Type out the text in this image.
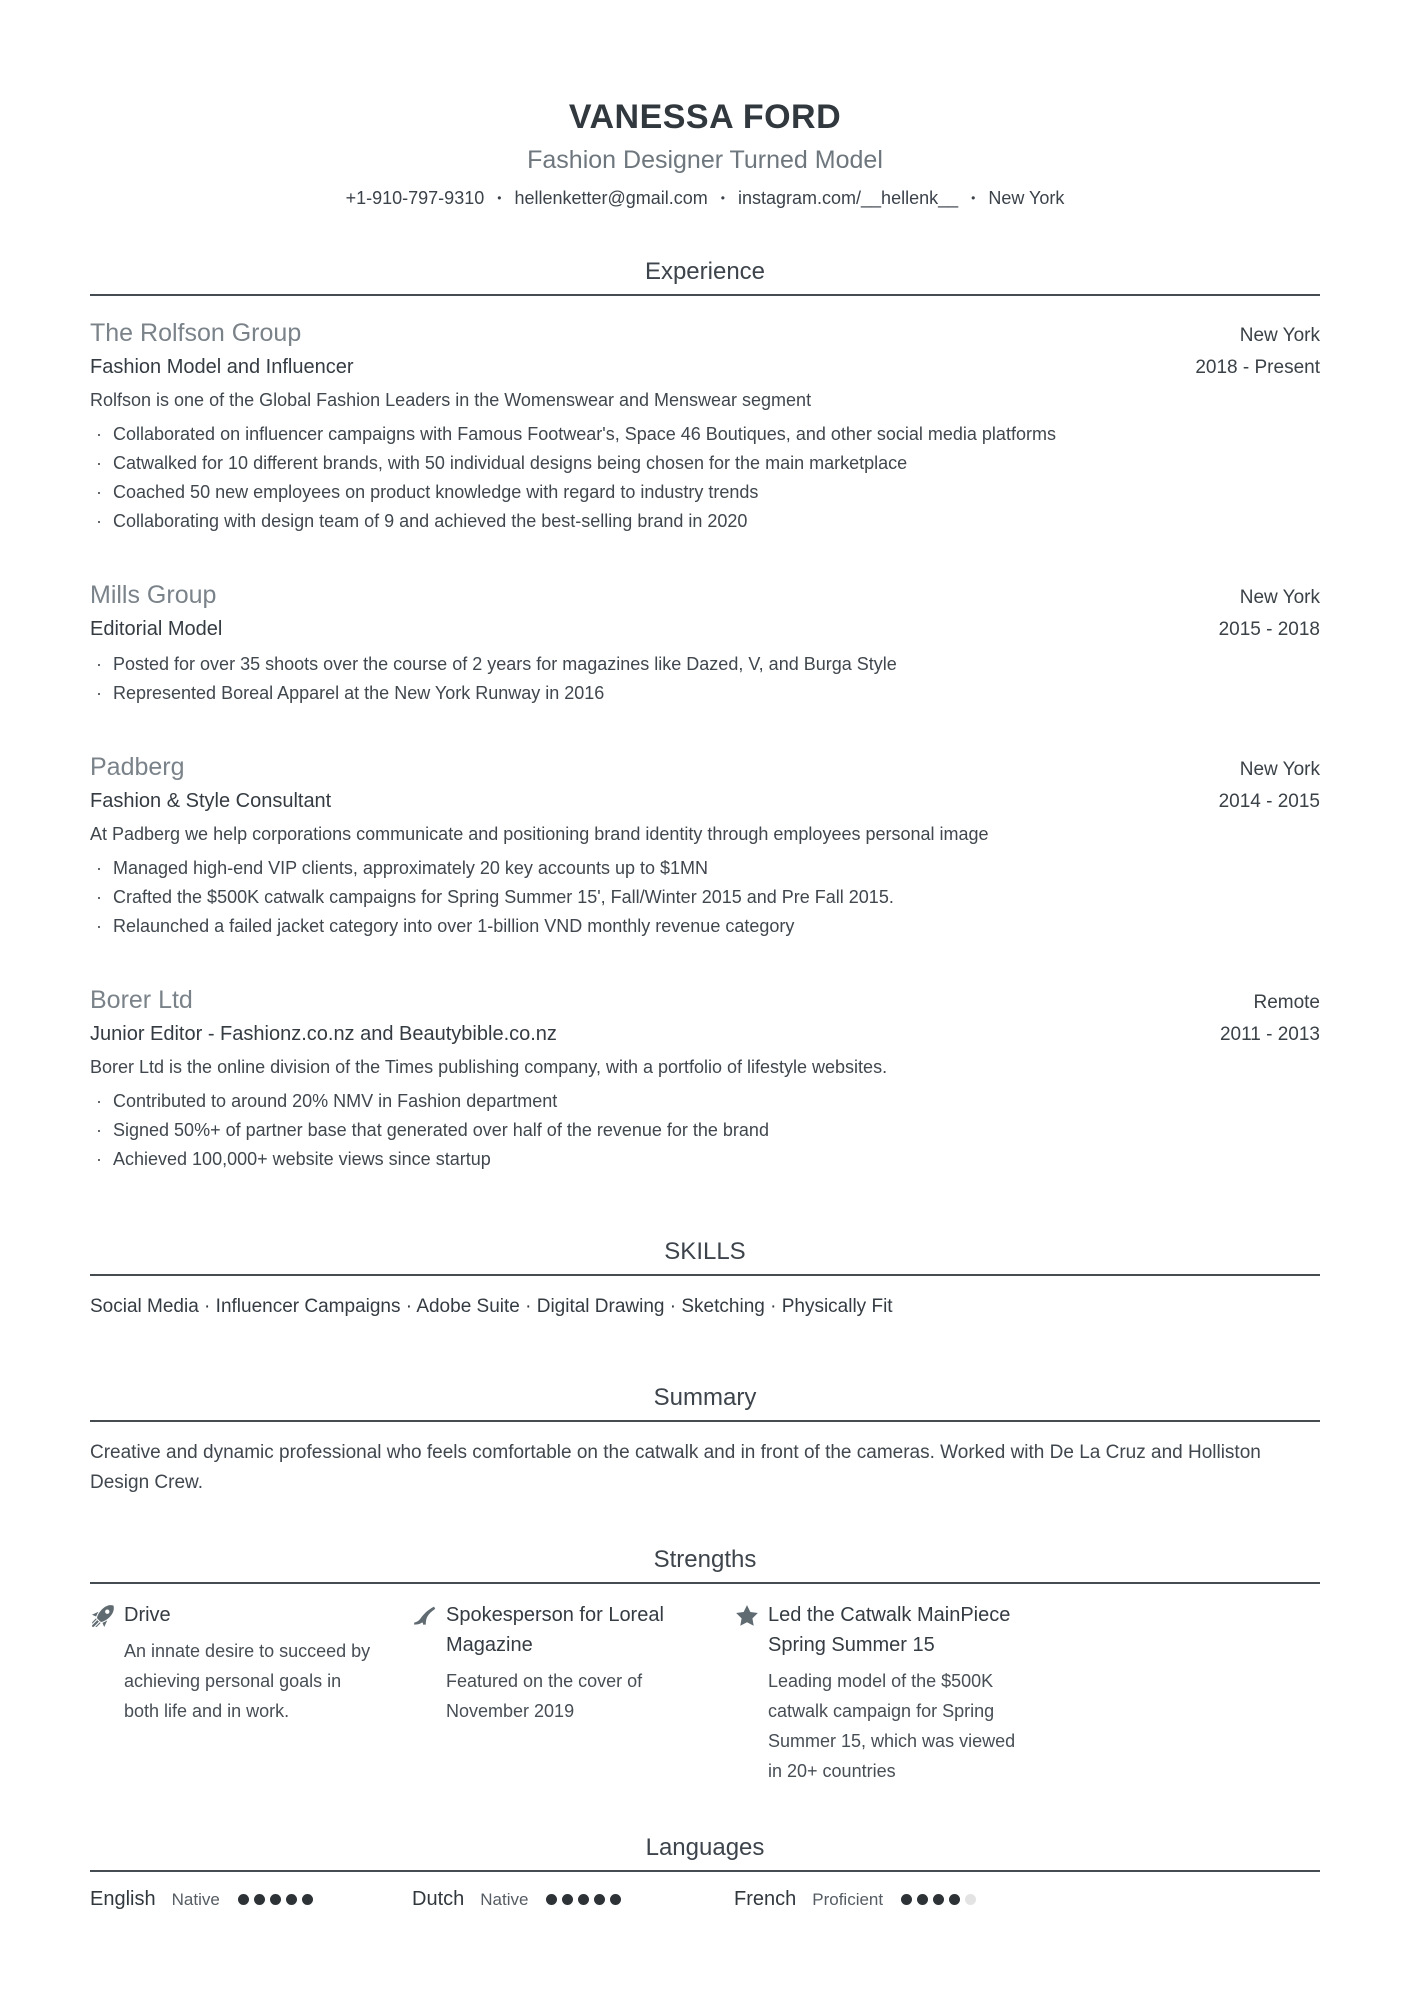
VANESSA FORD
Fashion Designer Turned Model
+1-910-797-9310 • hellenketter@gmail.com • instagram.com/__hellenk__ • New York
Experience
The Rolfson Group	New York
Fashion Model and Influencer	2018 - Present

Rolfson is one of the Global Fashion Leaders in the Womenswear and Menswear segment

· Collaborated on influencer campaigns with Famous Footwear's, Space 46 Boutiques, and other social media platforms
· Catwalked for 10 different brands, with 50 individual designs being chosen for the main marketplace
· Coached 50 new employees on product knowledge with regard to industry trends
· Collaborating with design team of 9 and achieved the best-selling brand in 2020
Mills Group	New York
Editorial Model	2015 - 2018
· Posted for over 35 shoots over the course of 2 years for magazines like Dazed, V, and Burga Style
· Represented Boreal Apparel at the New York Runway in 2016
Padberg	New York
Fashion & Style Consultant	2014 - 2015

At Padberg we help corporations communicate and positioning brand identity through employees personal image

· Managed high-end VIP clients, approximately 20 key accounts up to $1MN
· Crafted the $500K catwalk campaigns for Spring Summer 15', Fall/Winter 2015 and Pre Fall 2015.
· Relaunched a failed jacket category into over 1-billion VND monthly revenue category
Borer Ltd	Remote
Junior Editor - Fashionz.co.nz and Beautybible.co.nz	2011 - 2013

Borer Ltd is the online division of the Times publishing company, with a portfolio of lifestyle websites.

· Contributed to around 20% NMV in Fashion department
· Signed 50%+ of partner base that generated over half of the revenue for the brand
· Achieved 100,000+ website views since startup
SKILLS

Social Media · Influencer Campaigns · Adobe Suite · Digital Drawing · Sketching · Physically Fit

Summary

Creative and dynamic professional who feels comfortable on the catwalk and in front of the cameras. Worked with De La Cruz and Holliston Design Crew.

Strengths
Drive

An innate desire to succeed by achieving personal goals in both life and in work.

Spokesperson for Loreal Magazine

Featured on the cover of November 2019

Led the Catwalk MainPiece Spring Summer 15

Leading model of the $500K catwalk campaign for Spring Summer 15, which was viewed in 20+ countries

Languages
English Native	Dutch Native	French Proficient
